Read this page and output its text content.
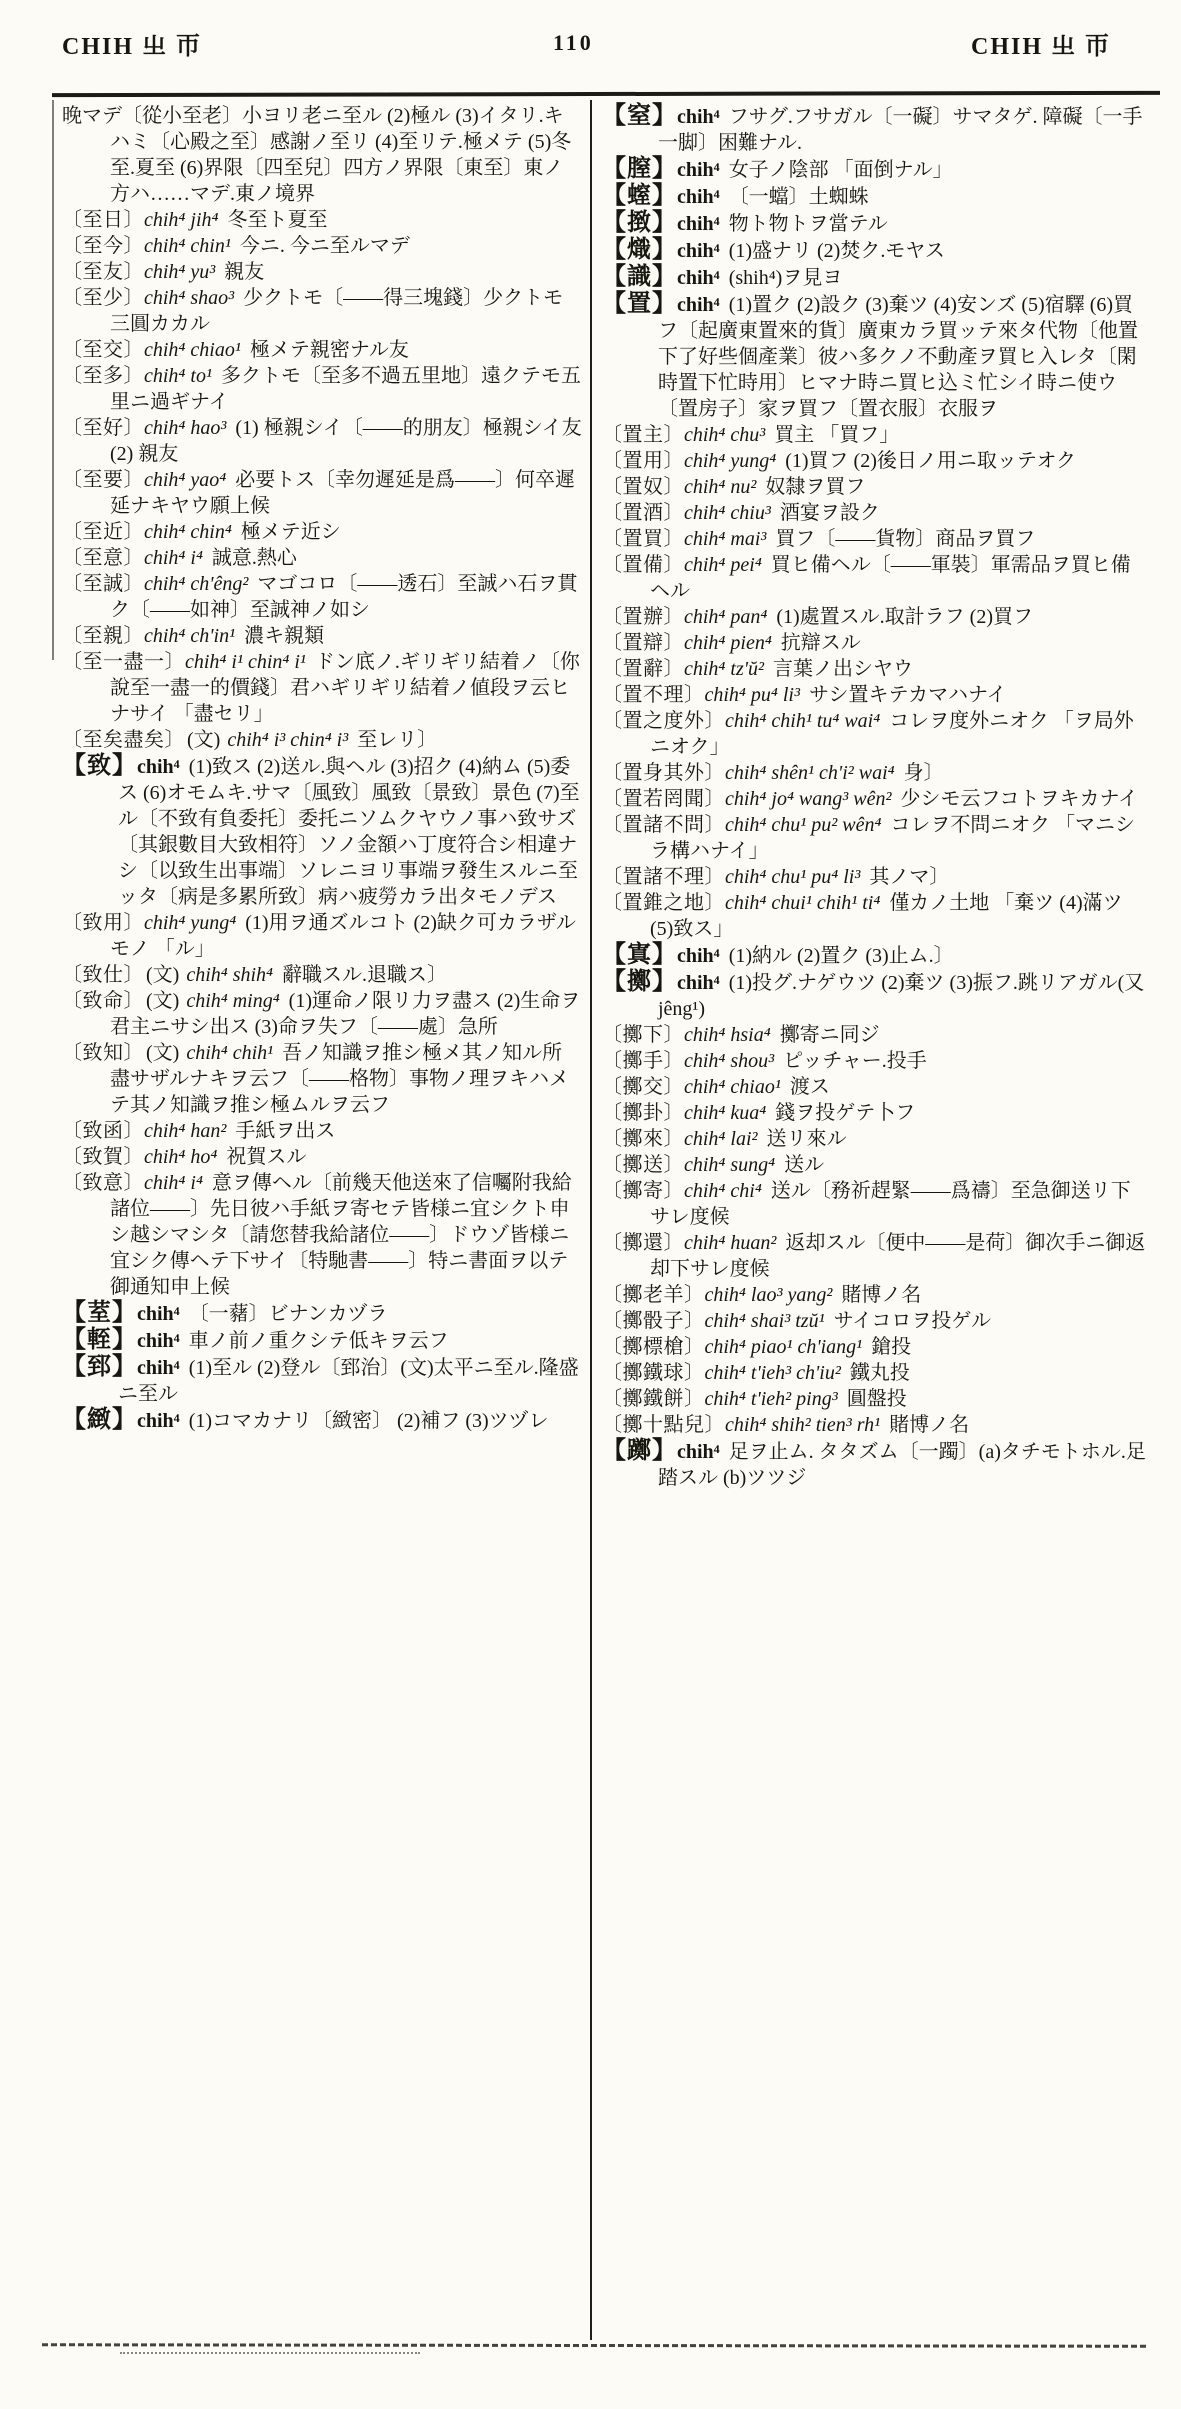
CHIH 㞢 帀	110	CHIH 㞢 帀

晚マデ〔從小至老〕小ヨリ老ニ至ル (2)極ル (3)イタリ.キハミ〔心殿之至〕感謝ノ至リ (4)至リテ.極メテ (5)冬至.夏至 (6)界限〔四至兒〕四方ノ界限〔東至〕東ノ方ハ……マデ.東ノ境界

〔至日〕chih⁴ jih⁴ 冬至ト夏至

〔至今〕chih⁴ chin¹ 今ニ. 今ニ至ルマデ

〔至友〕chih⁴ yu³ 親友

〔至少〕chih⁴ shao³ 少クトモ〔——得三塊錢〕少クトモ三圓カカル

〔至交〕chih⁴ chiao¹ 極メテ親密ナル友

〔至多〕chih⁴ to¹ 多クトモ〔至多不過五里地〕遠クテモ五里ニ過ギナイ

〔至好〕chih⁴ hao³ (1) 極親シイ〔——的朋友〕極親シイ友 (2) 親友

〔至要〕chih⁴ yao⁴ 必要トス〔幸勿遲延是爲——〕何卒遲延ナキヤウ願上候

〔至近〕chih⁴ chin⁴ 極メテ近シ

〔至意〕chih⁴ i⁴ 誠意.熱心

〔至誠〕chih⁴ ch'êng² マゴコロ〔——透石〕至誠ハ石ヲ貫ク〔——如神〕至誠神ノ如シ

〔至親〕chih⁴ ch'in¹ 濃キ親類

〔至一盡一〕chih⁴ i¹ chin⁴ i¹ ドン底ノ.ギリギリ結着ノ〔你說至一盡一的價錢〕君ハギリギリ結着ノ値段ヲ云ヒナサイ 「盡セリ」

〔至矣盡矣〕 (文) chih⁴ i³ chin⁴ i³ 至レリ〕

【致】chih⁴ (1)致ス (2)送ル.與ヘル (3)招ク (4)納ム (5)委ス (6)オモムキ.サマ〔風致〕風致〔景致〕景色 (7)至ル〔不致有負委托〕委托ニソムクヤウノ事ハ致サズ〔其銀數目大致相符〕ソノ金額ハ丁度符合シ相違ナシ〔以致生出事端〕ソレニヨリ事端ヲ發生スルニ至ッタ〔病是多累所致〕病ハ疲勞カラ出タモノデス

〔致用〕chih⁴ yung⁴ (1)用ヲ通ズルコト (2)缺ク可カラザルモノ 「ル」

〔致仕〕 (文) chih⁴ shih⁴ 辭職スル.退職ス〕

〔致命〕 (文) chih⁴ ming⁴ (1)運命ノ限リ力ヲ盡ス (2)生命ヲ君主ニサシ出ス (3)命ヲ失フ〔——處〕急所

〔致知〕 (文) chih⁴ chih¹ 吾ノ知識ヲ推シ極メ其ノ知ル所盡サザルナキヲ云フ〔——格物〕事物ノ理ヲキハメテ其ノ知識ヲ推シ極ムルヲ云フ

〔致函〕chih⁴ han² 手紙ヲ出ス

〔致賀〕chih⁴ ho⁴ 祝賀スル

〔致意〕chih⁴ i⁴ 意ヲ傳ヘル〔前幾天他送來了信囑附我給諸位——〕先日彼ハ手紙ヲ寄セテ皆様ニ宜シクト申シ越シマシタ〔請您替我給諸位——〕ドウゾ皆様ニ宜シク傳ヘテ下サイ〔特馳書——〕特ニ書面ヲ以テ御通知申上候

【荎】chih⁴ 〔一藸〕ビナンカヅラ

【輊】chih⁴ 車ノ前ノ重クシテ低キヲ云フ

【郅】chih⁴ (1)至ル (2)登ル〔郅治〕(文)太平ニ至ル.隆盛ニ至ル

【緻】chih⁴ (1)コマカナリ〔緻密〕 (2)補フ (3)ツヅレ

【窒】chih⁴ フサグ.フサガル〔一礙〕サマタゲ. 障礙〔一手一脚〕困難ナル.

【膣】chih⁴ 女子ノ陰部 「面倒ナル」

【螲】chih⁴ 〔一蟷〕土蜘蛛

【㨖】chih⁴ 物ト物トヲ當テル

【熾】chih⁴ (1)盛ナリ (2)焚ク.モヤス

【識】chih⁴ (shih⁴)ヲ見ヨ

【置】chih⁴ (1)置ク (2)設ク (3)棄ツ (4)安ンズ (5)宿驛 (6)買フ〔起廣東置來的貨〕廣東カラ買ッテ來タ代物〔他置下了好些個產業〕彼ハ多クノ不動產ヲ買ヒ入レタ〔閑時置下忙時用〕ヒマナ時ニ買ヒ込ミ忙シイ時ニ使ウ〔置房子〕家ヲ買フ〔置衣服〕衣服ヲ

〔置主〕chih⁴ chu³ 買主 「買フ」

〔置用〕chih⁴ yung⁴ (1)買フ (2)後日ノ用ニ取ッテオク

〔置奴〕chih⁴ nu² 奴隸ヲ買フ

〔置酒〕chih⁴ chiu³ 酒宴ヲ設ク

〔置買〕chih⁴ mai³ 買フ〔——貨物〕商品ヲ買フ

〔置備〕chih⁴ pei⁴ 買ヒ備ヘル〔——軍裝〕軍需品ヲ買ヒ備ヘル

〔置辦〕chih⁴ pan⁴ (1)處置スル.取計ラフ (2)買フ

〔置辯〕chih⁴ pien⁴ 抗辯スル

〔置辭〕chih⁴ tz'ŭ² 言葉ノ出シヤウ

〔置不理〕chih⁴ pu⁴ li³ サシ置キテカマハナイ

〔置之度外〕chih⁴ chih¹ tu⁴ wai⁴ コレヲ度外ニオク 「ヲ局外ニオク」

〔置身其外〕chih⁴ shên¹ ch'i² wai⁴ 身〕

〔置若罔聞〕chih⁴ jo⁴ wang³ wên² 少シモ云フコトヲキカナイ

〔置諸不問〕chih⁴ chu¹ pu² wên⁴ コレヲ不問ニオク 「マニシラ構ハナイ」

〔置諸不理〕chih⁴ chu¹ pu⁴ li³ 其ノマ〕

〔置錐之地〕chih⁴ chui¹ chih¹ ti⁴ 僅カノ土地 「棄ツ (4)滿ツ (5)致ス」

【寘】chih⁴ (1)納ル (2)置ク (3)止ム.〕

【擲】chih⁴ (1)投グ.ナゲウツ (2)棄ツ (3)振フ.跳リアガル(又 jêng¹)

〔擲下〕chih⁴ hsia⁴ 擲寄ニ同ジ

〔擲手〕chih⁴ shou³ ピッチャー.投手

〔擲交〕chih⁴ chiao¹ 渡ス

〔擲卦〕chih⁴ kua⁴ 錢ヲ投ゲテ卜フ

〔擲來〕chih⁴ lai² 送リ來ル

〔擲送〕chih⁴ sung⁴ 送ル

〔擲寄〕chih⁴ chi⁴ 送ル〔務祈趕緊——爲禱〕至急御送リ下サレ度候

〔擲還〕chih⁴ huan² 返却スル〔便中——是荷〕御次手ニ御返却下サレ度候

〔擲老羊〕chih⁴ lao³ yang² 賭博ノ名

〔擲骰子〕chih⁴ shai³ tzŭ¹ サイコロヲ投ゲル

〔擲標槍〕chih⁴ piao¹ ch'iang¹ 鎗投

〔擲鐵球〕chih⁴ t'ieh³ ch'iu² 鐵丸投

〔擲鐵餅〕chih⁴ t'ieh² ping³ 圓盤投

〔擲十點兒〕chih⁴ shih² tien³ rh¹ 賭博ノ名

【躑】chih⁴ 足ヲ止ム. タタズム〔一躅〕(a)タチモトホル.足踏スル (b)ツツジ
